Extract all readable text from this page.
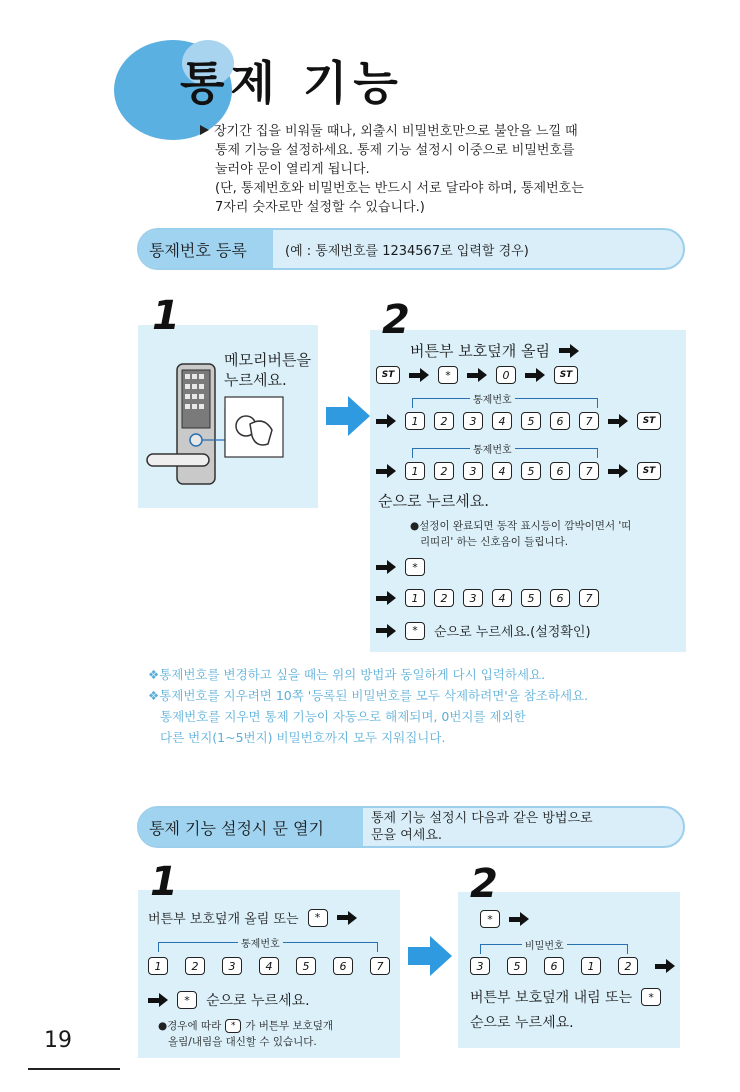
통제 기능
장기간 집을 비워둘 때나, 외출시 비밀번호만으로 불안을 느낄 때
통제 기능을 설정하세요. 통제 기능 설정시 이중으로 비밀번호를
눌러야 문이 열리게 됩니다.
(단, 통제번호와 비밀번호는 반드시 서로 달라야 하며, 통제번호는
7자리 숫자로만 설정할 수 있습니다.)
통제번호 등록	(예 : 통제번호를 1234567로 입력할 경우)
1
메모리버튼을
누르세요.
2
버튼부 보호덮개 올림
ST	*	0	ST
통제번호
1	2	3	4	5	6	7	ST
통제번호
1	2	3	4	5	6	7	ST
순으로 누르세요.
●설정이 완료되면 동작 표시등이 깜박이면서 '띠
리띠리' 하는 신호음이 들립니다.
*
1	2	3	4	5	6	7
*	순으로 누르세요.(설정확인)
❖통제번호를 변경하고 싶을 때는 위의 방법과 동일하게 다시 입력하세요.
❖통제번호를 지우려면 10쪽 '등록된 비밀번호를 모두 삭제하려면'을 참조하세요.
통제번호를 지우면 통제 기능이 자동으로 해제되며, 0번지를 제외한
다른 번지(1~5번지) 비밀번호까지 모두 지워집니다.
통제 기능 설정시 문 열기	통제 기능 설정시 다음과 같은 방법으로
문을 여세요.
1
버튼부 보호덮개 올림 또는	*
통제번호
1	2	3	4	5	6	7
*	순으로 누르세요.
●경우에 따라	* 가 버튼부 보호덮개
올림/내림을 대신할 수 있습니다.
2
*
비밀번호
3	5	6	1	2
버튼부 보호덮개 내림 또는	*
순으로 누르세요.
19
